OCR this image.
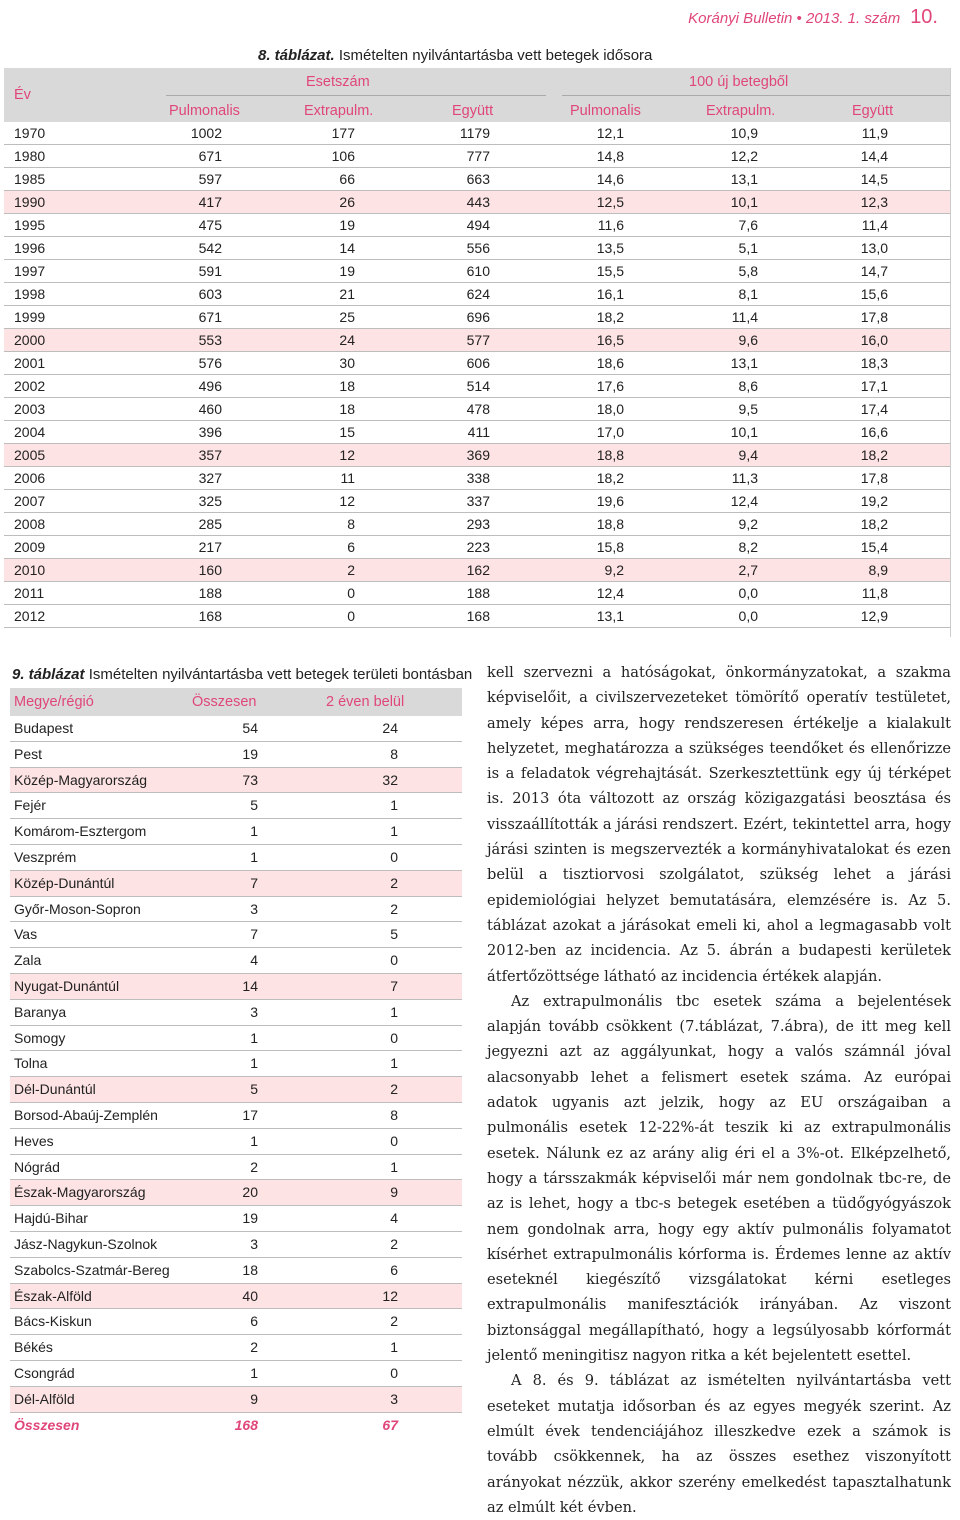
Korányi Bulletin • 2013. 1. szám 10.
8. táblázat. Ismételten nyilvántartásba vett betegek idősora
Év
Esetszám	100 új betegből
Pulmonalis	Extrapulm.	Együtt	Pulmonalis	Extrapulm.	Együtt
1970	1002	177	1179	12,1	10,9	11,9
1980	671	106	777	14,8	12,2	14,4
1985	597	66	663	14,6	13,1	14,5
1990	417	26	443	12,5	10,1	12,3
1995	475	19	494	11,6	7,6	11,4
1996	542	14	556	13,5	5,1	13,0
1997	591	19	610	15,5	5,8	14,7
1998	603	21	624	16,1	8,1	15,6
1999	671	25	696	18,2	11,4	17,8
2000	553	24	577	16,5	9,6	16,0
2001	576	30	606	18,6	13,1	18,3
2002	496	18	514	17,6	8,6	17,1
2003	460	18	478	18,0	9,5	17,4
2004	396	15	411	17,0	10,1	16,6
2005	357	12	369	18,8	9,4	18,2
2006	327	11	338	18,2	11,3	17,8
2007	325	12	337	19,6	12,4	19,2
2008	285	8	293	18,8	9,2	18,2
2009	217	6	223	15,8	8,2	15,4
2010	160	2	162	9,2	2,7	8,9
2011	188	0	188	12,4	0,0	11,8
2012	168	0	168	13,1	0,0	12,9
9. táblázat Ismételten nyilvántartásba vett betegek területi bontásban
Megye/régió	Összesen	2 éven belül
Budapest	54	24
Pest	19	8
Közép-Magyarország	73	32
Fejér	5	1
Komárom-Esztergom	1	1
Veszprém	1	0
Közép-Dunántúl	7	2
Győr-Moson-Sopron	3	2
Vas	7	5
Zala	4	0
Nyugat-Dunántúl	14	7
Baranya	3	1
Somogy	1	0
Tolna	1	1
Dél-Dunántúl	5	2
Borsod-Abaúj-Zemplén	17	8
Heves	1	0
Nógrád	2	1
Észak-Magyarország	20	9
Hajdú-Bihar	19	4
Jász-Nagykun-Szolnok	3	2
Szabolcs-Szatmár-Bereg	18	6
Észak-Alföld	40	12
Bács-Kiskun	6	2
Békés	2	1
Csongrád	1	0
Dél-Alföld	9	3
Összesen	168	67

kell szervezni a hatóságokat, önkormányzatokat, a szakma képviselőit, a civilszervezeteket tömörítő operatív testületet, amely képes arra, hogy rendszeresen értékelje a kialakult helyzetet, meghatározza a szükséges teendőket és ellenőrizze is a feladatok végrehajtását. Szerkesztettünk egy új térképet is. 2013 óta változott az ország közigazgatási beosztása és visszaállították a járási rendszert. Ezért, tekintettel arra, hogy járási szinten is megszervezték a kormányhivatalokat és ezen belül a tisztiorvosi szolgálatot, szükség lehet a járási epidemiológiai helyzet bemutatására, elemzésére is. Az 5. táblázat azokat a járásokat emeli ki, ahol a legmagasabb volt 2012-ben az incidencia. Az 5. ábrán a budapesti kerületek átfertőzöttsége látható az incidencia értékek alapján.

Az extrapulmonális tbc esetek száma a bejelentések alapján tovább csökkent (7.táblázat, 7.ábra), de itt meg kell jegyezni azt az aggályunkat, hogy a valós számnál jóval alacsonyabb lehet a felismert esetek száma. Az európai adatok ugyanis azt jelzik, hogy az EU országaiban a pulmonális esetek 12-22%-át teszik ki az extrapulmonális esetek. Nálunk ez az arány alig éri el a 3%-ot. Elképzelhető, hogy a társszakmák képviselői már nem gondolnak tbc-re, de az is lehet, hogy a tbc-s betegek esetében a tüdőgyógyászok nem gondolnak arra, hogy egy aktív pulmonális folyamatot kísérhet extrapulmonális kórforma is. Érdemes lenne az aktív eseteknél kiegészítő vizsgálatokat kérni esetleges extrapulmonális manifesztációk irányában. Az viszont biztonsággal megállapítható, hogy a legsúlyosabb kórformát jelentő meningitisz nagyon ritka a két bejelentett esettel.

A 8. és 9. táblázat az ismételten nyilvántartásba vett eseteket mutatja idősorban és az egyes megyék szerint. Az elmúlt évek tendenciájához illeszkedve ezek a számok is tovább csökkennek, ha az összes esethez viszonyított arányokat nézzük, akkor szerény emelkedést tapasztalhatunk az elmúlt két évben.
